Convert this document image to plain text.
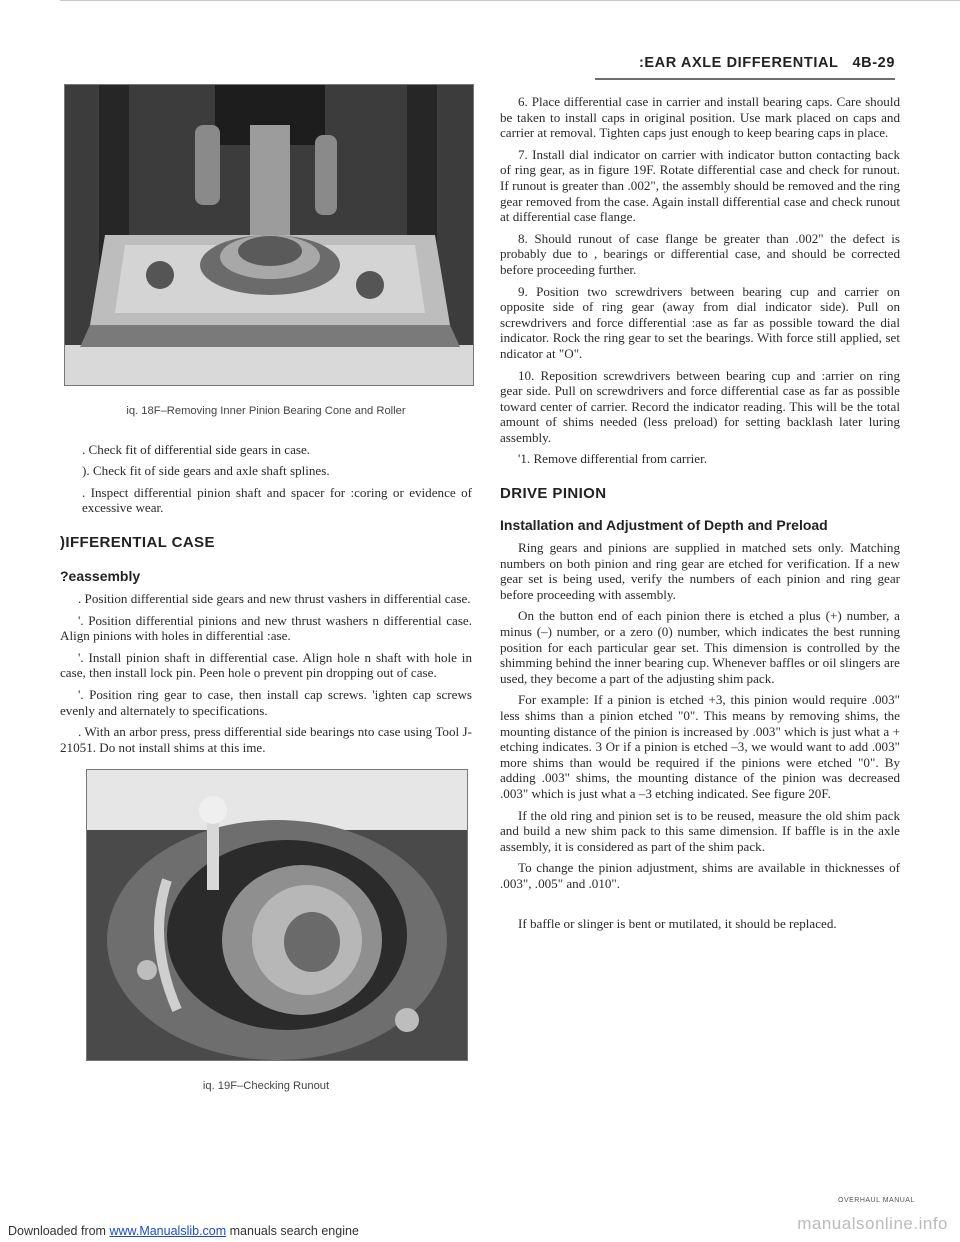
:EAR AXLE DIFFERENTIAL 4B-29

iq. 18F–Removing Inner Pinion Bearing Cone and Roller

. Check fit of differential side gears in case.

). Check fit of side gears and axle shaft splines.

. Inspect differential pinion shaft and spacer for :coring or evidence of excessive wear.

)IFFERENTIAL CASE
?eassembly

. Position differential side gears and new thrust vashers in differential case.

'. Position differential pinions and new thrust washers n differential case. Align pinions with holes in differential :ase.

'. Install pinion shaft in differential case. Align hole n shaft with hole in case, then install lock pin. Peen hole o prevent pin dropping out of case.

'. Position ring gear to case, then install cap screws. 'ighten cap screws evenly and alternately to specifications.

. With an arbor press, press differential side bearings nto case using Tool J-21051. Do not install shims at this ime.

iq. 19F–Checking Runout

6. Place differential case in carrier and install bearing caps. Care should be taken to install caps in original position. Use mark placed on caps and carrier at removal. Tighten caps just enough to keep bearing caps in place.

7. Install dial indicator on carrier with indicator button contacting back of ring gear, as in figure 19F. Rotate differential case and check for runout. If runout is greater than .002", the assembly should be removed and the ring gear removed from the case. Again install differential case and check runout at differential case flange.

8. Should runout of case flange be greater than .002" the defect is probably due to , bearings or differential case, and should be corrected before proceeding further.

9. Position two screwdrivers between bearing cup and carrier on opposite side of ring gear (away from dial indicator side). Pull on screwdrivers and force differential :ase as far as possible toward the dial indicator. Rock the ring gear to set the bearings. With force still applied, set ndicator at "O".

10. Reposition screwdrivers between bearing cup and :arrier on ring gear side. Pull on screwdrivers and force differential case as far as possible toward center of carrier. Record the indicator reading. This will be the total amount of shims needed (less preload) for setting backlash later luring assembly.

'1. Remove differential from carrier.

DRIVE PINION
Installation and Adjustment of Depth and Preload

Ring gears and pinions are supplied in matched sets only. Matching numbers on both pinion and ring gear are etched for verification. If a new gear set is being used, verify the numbers of each pinion and ring gear before proceeding with assembly.

On the button end of each pinion there is etched a plus (+) number, a minus (–) number, or a zero (0) number, which indicates the best running position for each particular gear set. This dimension is controlled by the shimming behind the inner bearing cup. Whenever baffles or oil slingers are used, they become a part of the adjusting shim pack.

For example: If a pinion is etched +3, this pinion would require .003" less shims than a pinion etched "0". This means by removing shims, the mounting distance of the pinion is increased by .003" which is just what a + etching indicates. 3 Or if a pinion is etched –3, we would want to add .003" more shims than would be required if the pinions were etched "0". By adding .003" shims, the mounting distance of the pinion was decreased .003" which is just what a –3 etching indicated. See figure 20F.

If the old ring and pinion set is to be reused, measure the old shim pack and build a new shim pack to this same dimension. If baffle is in the axle assembly, it is considered as part of the shim pack.

To change the pinion adjustment, shims are available in thicknesses of .003", .005" and .010".

If baffle or slinger is bent or mutilated, it should be replaced.

OVERHAUL MANUAL
Downloaded from www.Manualslib.com manuals search engine	manualsonline.info
